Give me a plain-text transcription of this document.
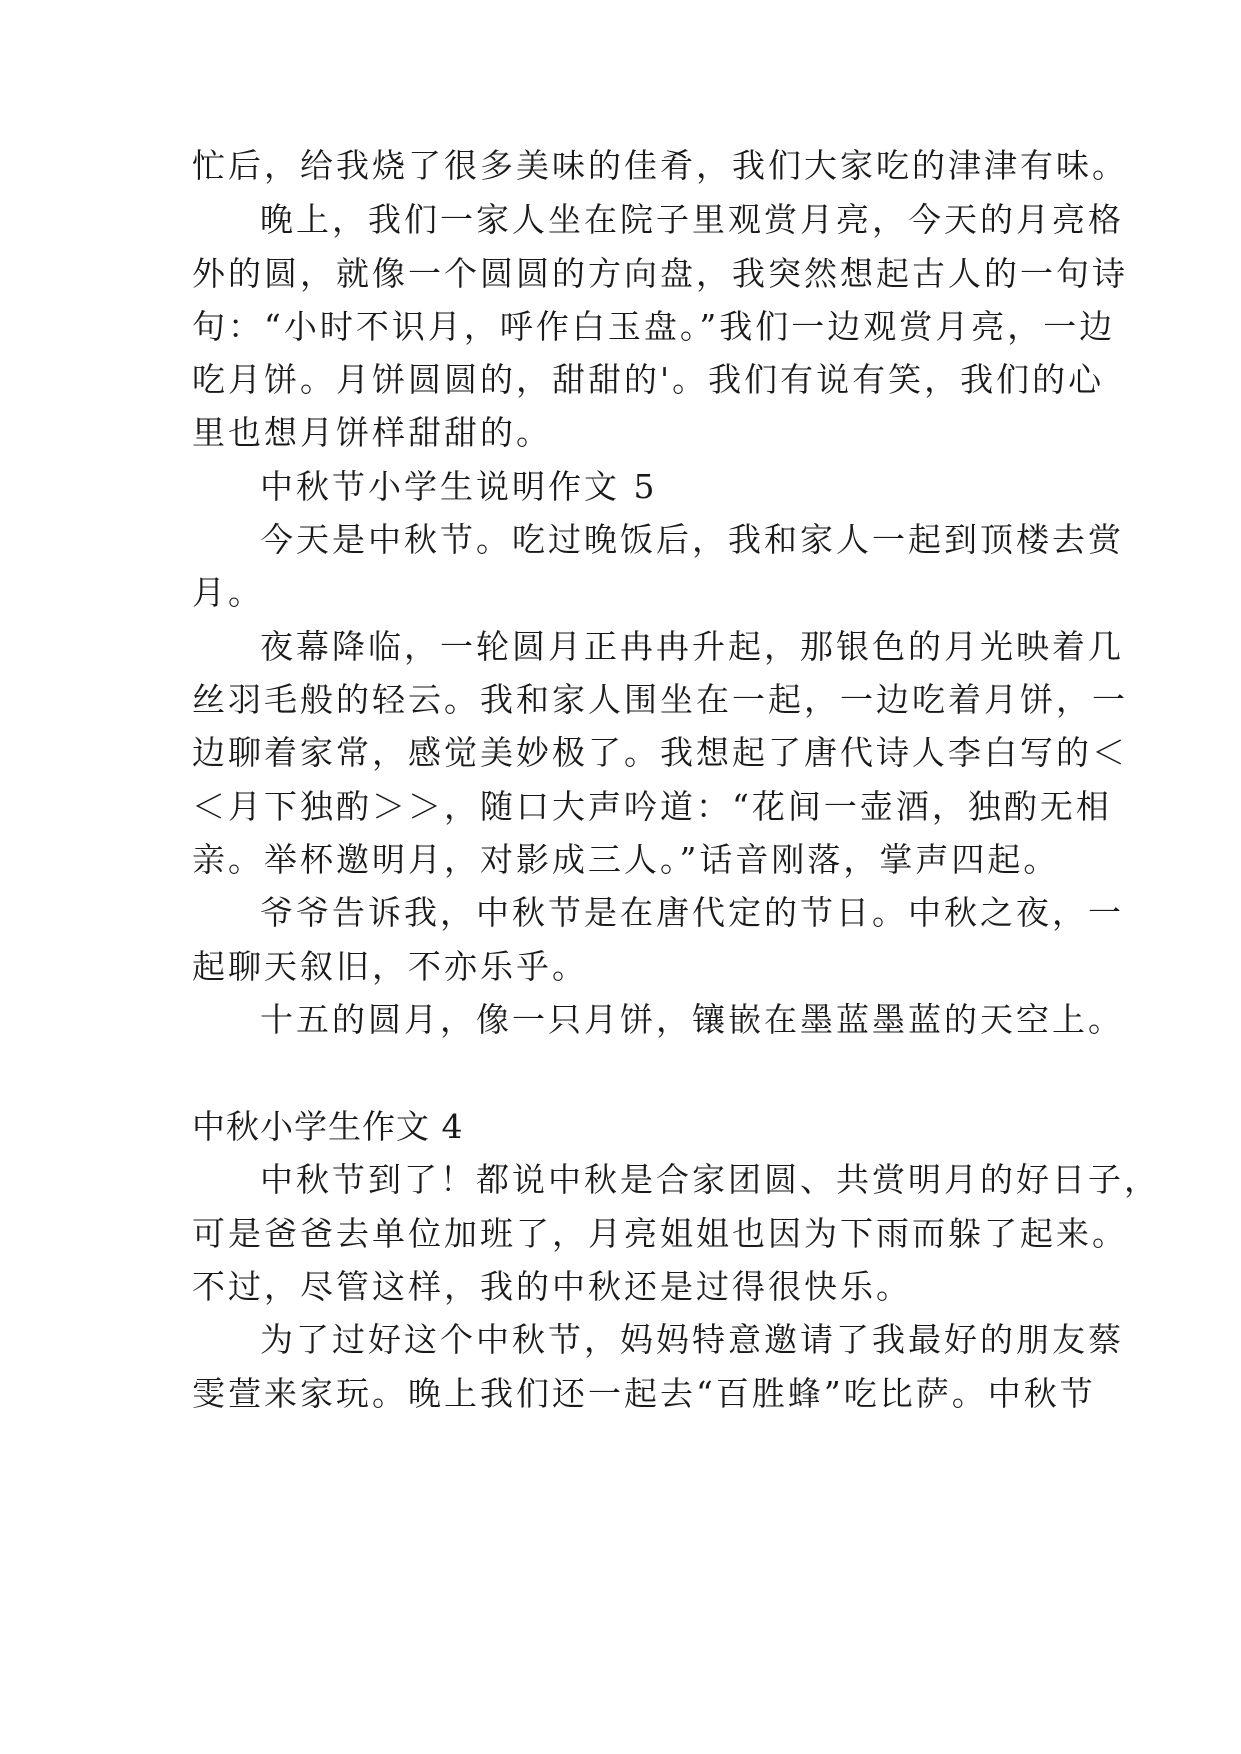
忙后，给我烧了很多美味的佳肴，我们大家吃的津津有味。
晚上，我们一家人坐在院子里观赏月亮，今天的月亮格
外的圆，就像一个圆圆的方向盘，我突然想起古人的一句诗
句：“小时不识月，呼作白玉盘。”我们一边观赏月亮，一边
吃月饼。月饼圆圆的，甜甜的'。我们有说有笑，我们的心
里也想月饼样甜甜的。
中秋节小学生说明作文 5
今天是中秋节。吃过晚饭后，我和家人一起到顶楼去赏
月。
夜幕降临，一轮圆月正冉冉升起，那银色的月光映着几
丝羽毛般的轻云。我和家人围坐在一起，一边吃着月饼，一
边聊着家常，感觉美妙极了。我想起了唐代诗人李白写的＜
＜月下独酌＞＞，随口大声吟道：“花间一壶酒，独酌无相
亲。举杯邀明月，对影成三人。”话音刚落，掌声四起。
爷爷告诉我，中秋节是在唐代定的节日。中秋之夜，一
起聊天叙旧，不亦乐乎。
十五的圆月，像一只月饼，镶嵌在墨蓝墨蓝的天空上。
中秋小学生作文 4
中秋节到了！都说中秋是合家团圆、共赏明月的好日子，
可是爸爸去单位加班了，月亮姐姐也因为下雨而躲了起来。
不过，尽管这样，我的中秋还是过得很快乐。
为了过好这个中秋节，妈妈特意邀请了我最好的朋友蔡
雯萱来家玩。晚上我们还一起去“百胜蜂”吃比萨。中秋节
